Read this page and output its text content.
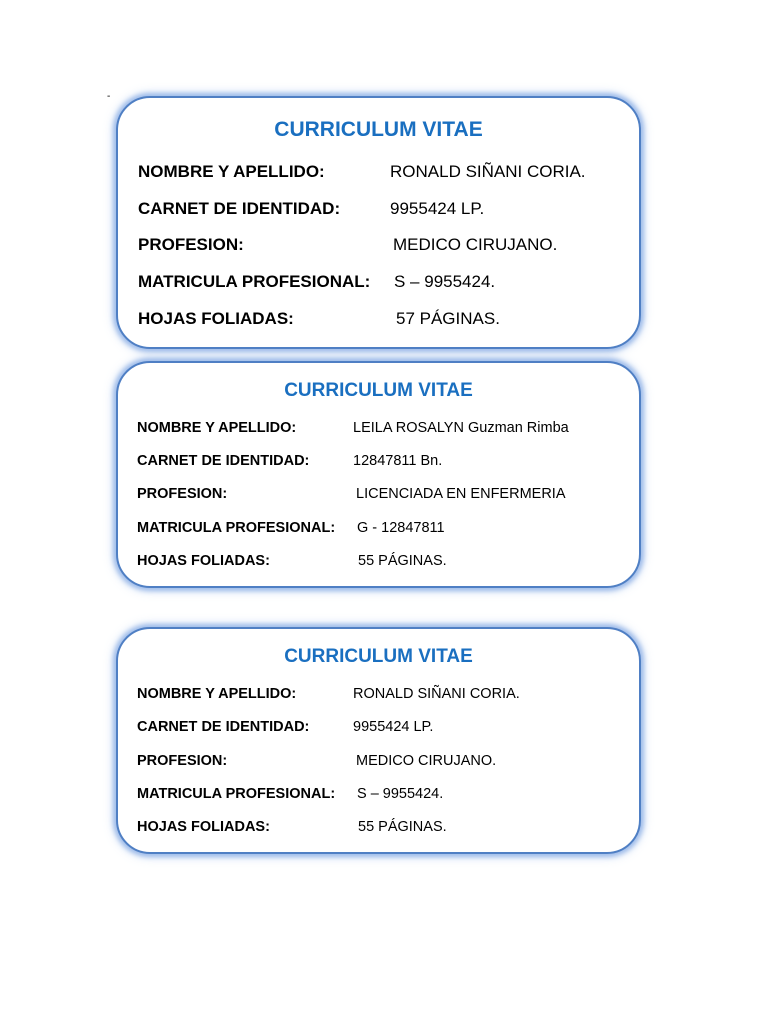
-
CURRICULUM VITAE
NOMBRE Y APELLIDO:	RONALD SIÑANI CORIA.
CARNET DE IDENTIDAD:	9955424 LP.
PROFESION:	MEDICO CIRUJANO.
MATRICULA PROFESIONAL: S – 9955424.
HOJAS FOLIADAS:	57 PÁGINAS.
CURRICULUM VITAE
NOMBRE Y APELLIDO:	LEILA ROSALYN Guzman Rimba
CARNET DE IDENTIDAD:	12847811 Bn.
PROFESION:	LICENCIADA EN ENFERMERIA
MATRICULA PROFESIONAL: G - 12847811
HOJAS FOLIADAS:	55 PÁGINAS.
CURRICULUM VITAE
NOMBRE Y APELLIDO:	RONALD SIÑANI CORIA.
CARNET DE IDENTIDAD:	9955424 LP.
PROFESION:	MEDICO CIRUJANO.
MATRICULA PROFESIONAL: S – 9955424.
HOJAS FOLIADAS:	55 PÁGINAS.
